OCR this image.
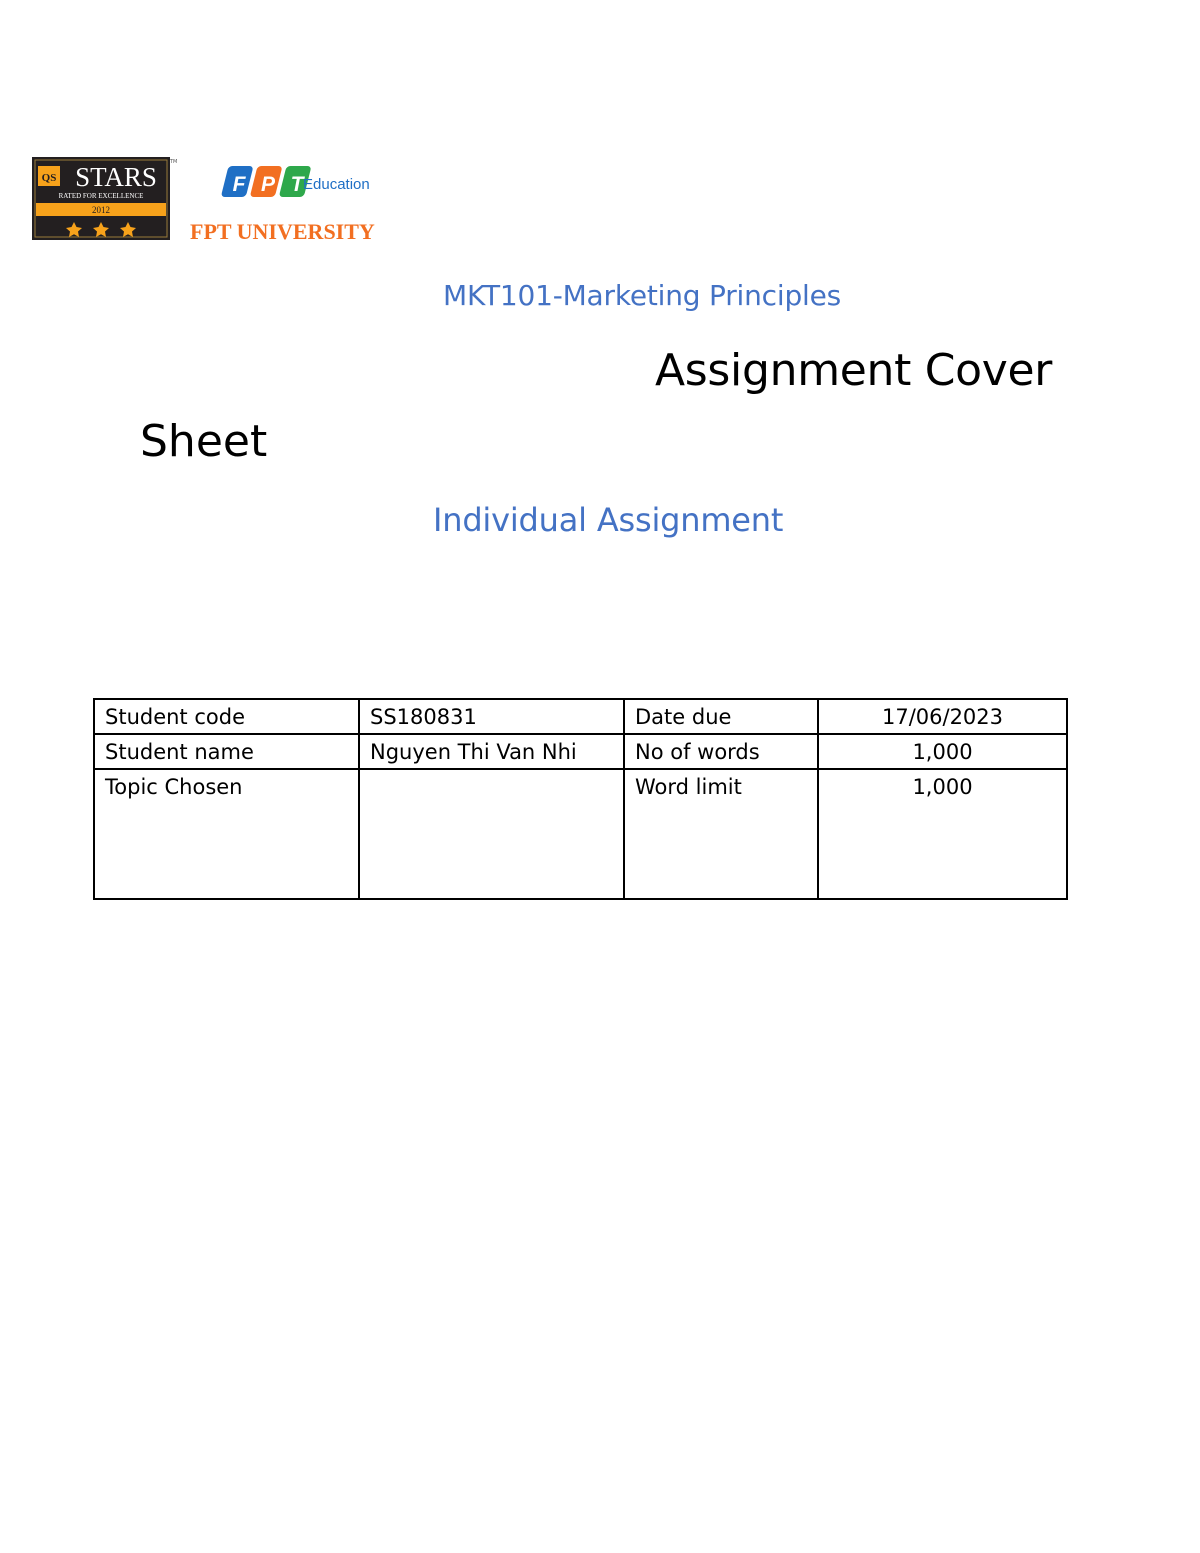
QS STARS
RATED FOR EXCELLENCE
2012
TM
F P T Education
FPT UNIVERSITY
MKT101-Marketing Principles
Assignment Cover
Sheet
Individual Assignment
Student code	SS180831	Date due	17/06/2023
Student name	Nguyen Thi Van Nhi	No of words	1,000
Topic Chosen		Word limit	1,000
